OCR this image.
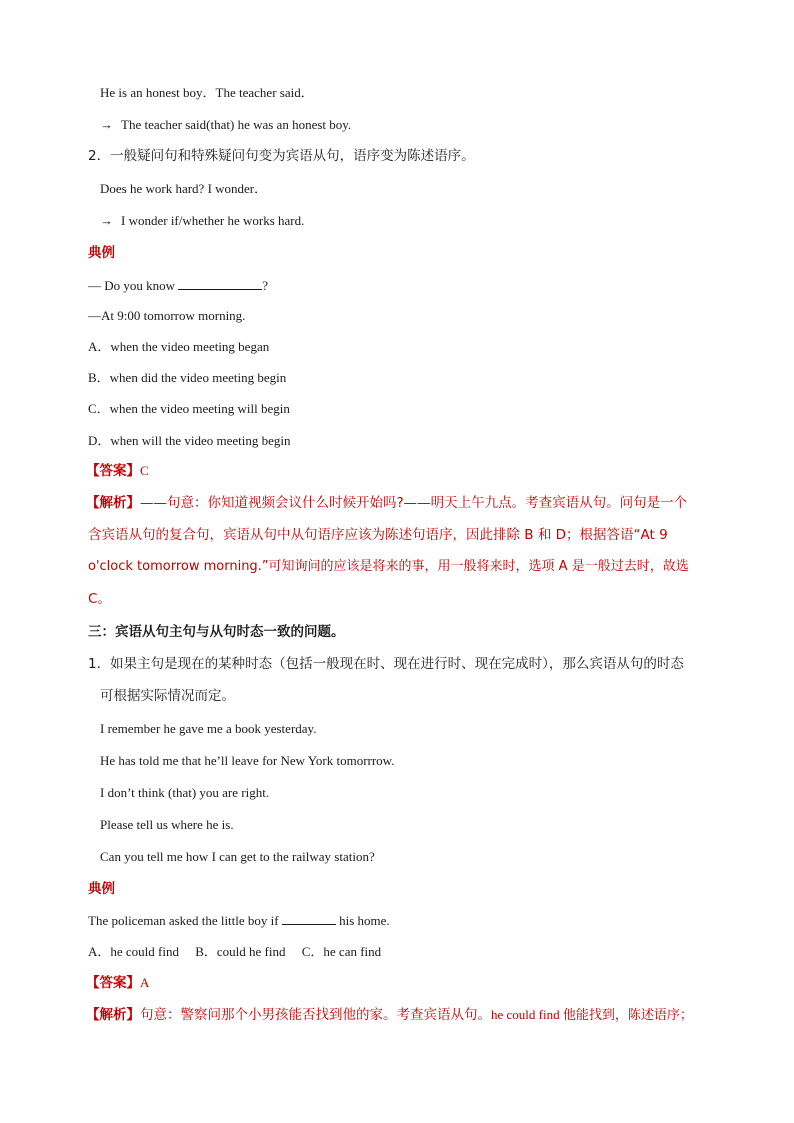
He is an honest boy．The teacher said．
→ The teacher said(that) he was an honest boy.
2．一般疑问句和特殊疑问句变为宾语从句，语序变为陈述语序。
Does he work hard? I wonder．
→ I wonder if/whether he works hard.
典例
— Do you know	?
—At 9:00 tomorrow morning.
A．when the video meeting began
B．when did the video meeting begin
C．when the video meeting will begin
D．when will the video meeting begin
【答案】C
【解析】——句意：你知道视频会议什么时候开始吗?——明天上午九点。考查宾语从句。问句是一个
含宾语从句的复合句，宾语从句中从句语序应该为陈述句语序，因此排除 B 和 D；根据答语“At 9
o'clock tomorrow morning.”可知询问的应该是将来的事，用一般将来时，选项 A 是一般过去时，故选
C。
三：宾语从句主句与从句时态一致的问题。
1．如果主句是现在的某种时态（包括一般现在时、现在进行时、现在完成时），那么宾语从句的时态
可根据实际情况而定。
I remember he gave me a book yesterday.
He has told me that he’ll leave for New York tomorrrow.
I don’t think (that) you are right.
Please tell us where he is.
Can you tell me how I can get to the railway station?
典例
The policeman asked the little boy if	his home.
A．he could find　 B．could he find　 C．he can find
【答案】A
【解析】句意：警察问那个小男孩能否找到他的家。考查宾语从句。he could find 他能找到，陈述语序；
